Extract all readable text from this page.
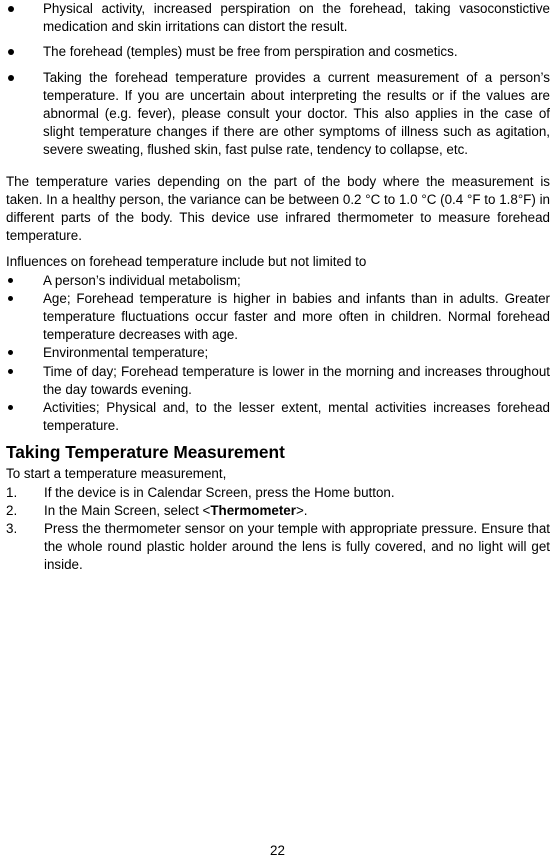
Physical activity, increased perspiration on the forehead, taking vasoconstictive medication and skin irritations can distort the result.
The forehead (temples) must be free from perspiration and cosmetics.
Taking the forehead temperature provides a current measurement of a person’s temperature. If you are uncertain about interpreting the results or if the values are abnormal (e.g. fever), please consult your doctor. This also applies in the case of slight temperature changes if there are other symptoms of illness such as agitation, severe sweating, flushed skin, fast pulse rate, tendency to collapse, etc.

The temperature varies depending on the part of the body where the measurement is taken. In a healthy person, the variance can be between 0.2 °C to 1.0 °C (0.4 °F to 1.8°F) in different parts of the body. This device use infrared thermometer to measure forehead temperature.

Influences on forehead temperature include but not limited to

A person’s individual metabolism;
Age; Forehead temperature is higher in babies and infants than in adults. Greater temperature fluctuations occur faster and more often in children. Normal forehead temperature decreases with age.
Environmental temperature;
Time of day; Forehead temperature is lower in the morning and increases throughout the day towards evening.
Activities; Physical and, to the lesser extent, mental activities increases forehead temperature.
Taking Temperature Measurement

To start a temperature measurement,

1. If the device is in Calendar Screen, press the Home button.
2. In the Main Screen, select <Thermometer>.
3. Press the thermometer sensor on your temple with appropriate pressure. Ensure that the whole round plastic holder around the lens is fully covered, and no light will get inside.
22
